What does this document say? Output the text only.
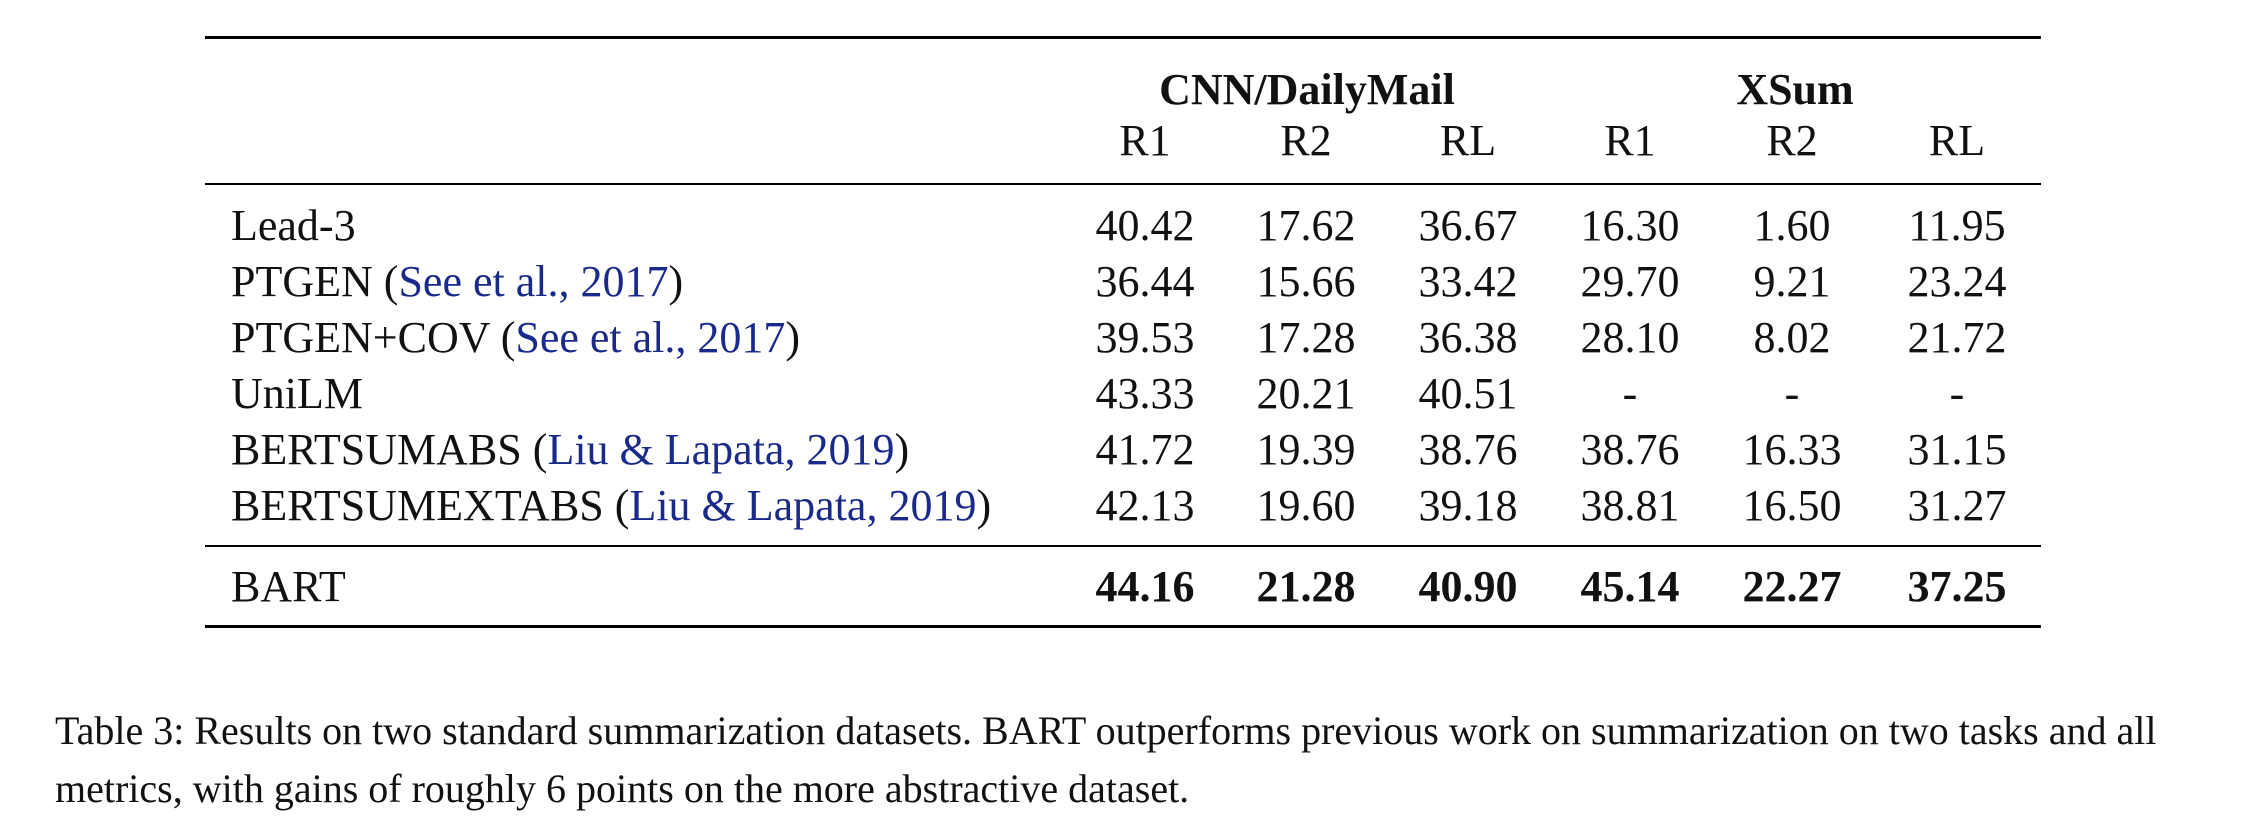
	CNN/DailyMail			XSum		
	R1	R2	RL	R1	R2	RL
Lead-3	40.42	17.62	36.67	16.30	1.60	11.95
PTGEN (See et al., 2017)	36.44	15.66	33.42	29.70	9.21	23.24
PTGEN+COV (See et al., 2017)	39.53	17.28	36.38	28.10	8.02	21.72
UniLM	43.33	20.21	40.51	-	-	-
BERTSUMABS (Liu & Lapata, 2019)	41.72	19.39	38.76	38.76	16.33	31.15
BERTSUMEXTABS (Liu & Lapata, 2019)	42.13	19.60	39.18	38.81	16.50	31.27
BART	44.16	21.28	40.90	45.14	22.27	37.25

Table 3: Results on two standard summarization datasets. BART outperforms previous work on summarization on two tasks and all metrics, with gains of roughly 6 points on the more abstractive dataset.
